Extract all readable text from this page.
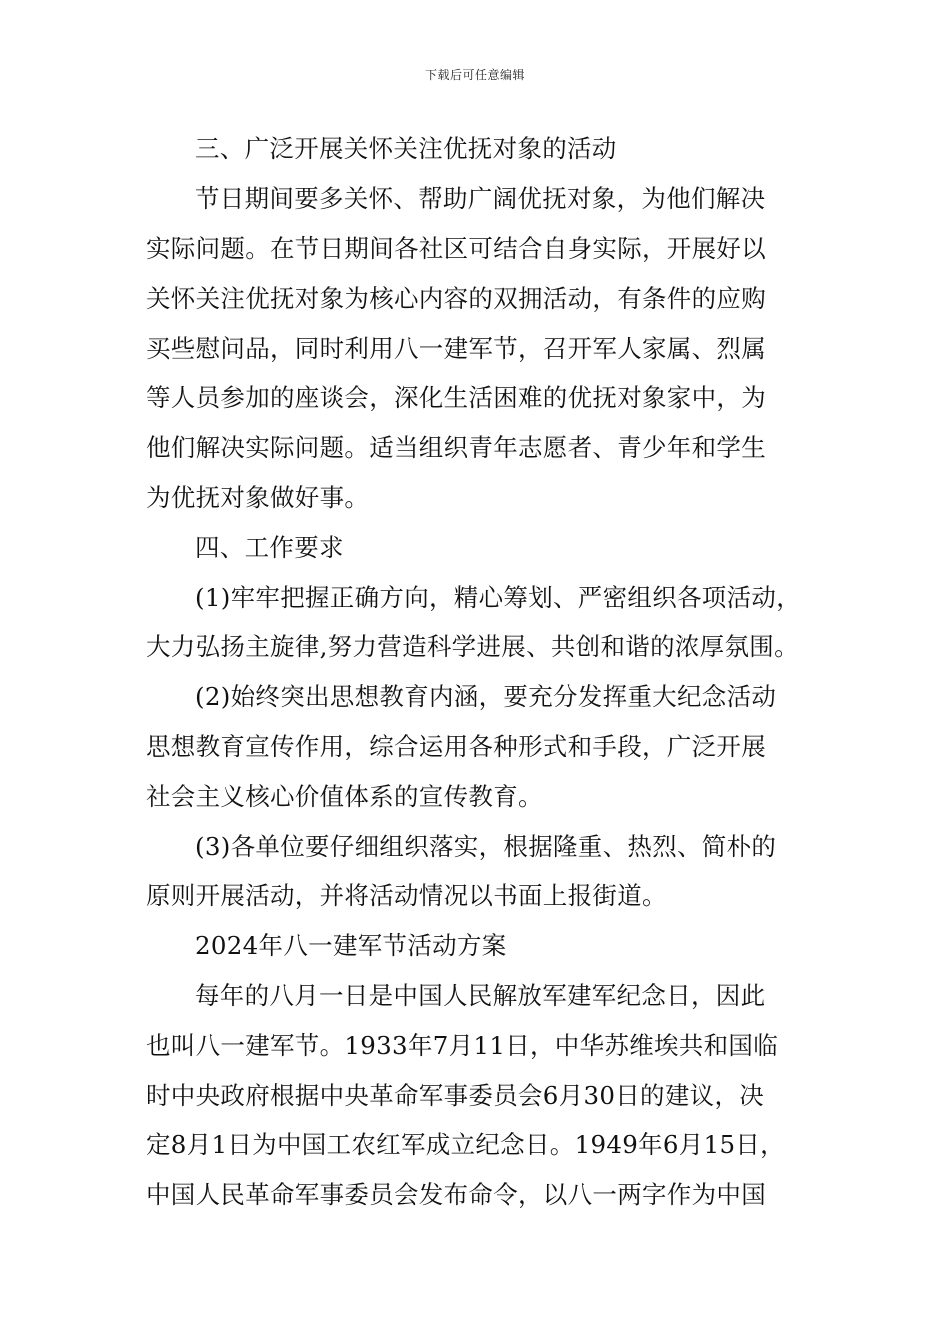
下载后可任意编辑
三、广泛开展关怀关注优抚对象的活动
节日期间要多关怀、帮助广阔优抚对象，为他们解决
实际问题。在节日期间各社区可结合自身实际，开展好以
关怀关注优抚对象为核心内容的双拥活动，有条件的应购
买些慰问品，同时利用八一建军节，召开军人家属、烈属
等人员参加的座谈会，深化生活困难的优抚对象家中，为
他们解决实际问题。适当组织青年志愿者、青少年和学生
为优抚对象做好事。
四、工作要求
(1)牢牢把握正确方向，精心筹划、严密组织各项活动，
大力弘扬主旋律,努力营造科学进展、共创和谐的浓厚氛围。
(2)始终突出思想教育内涵，要充分发挥重大纪念活动
思想教育宣传作用，综合运用各种形式和手段，广泛开展
社会主义核心价值体系的宣传教育。
(3)各单位要仔细组织落实，根据隆重、热烈、简朴的
原则开展活动，并将活动情况以书面上报街道。
2024年八一建军节活动方案
每年的八月一日是中国人民解放军建军纪念日，因此
也叫八一建军节。1933年7月11日，中华苏维埃共和国临
时中央政府根据中央革命军事委员会6月30日的建议，决
定8月1日为中国工农红军成立纪念日。1949年6月15日，
中国人民革命军事委员会发布命令，以八一两字作为中国
